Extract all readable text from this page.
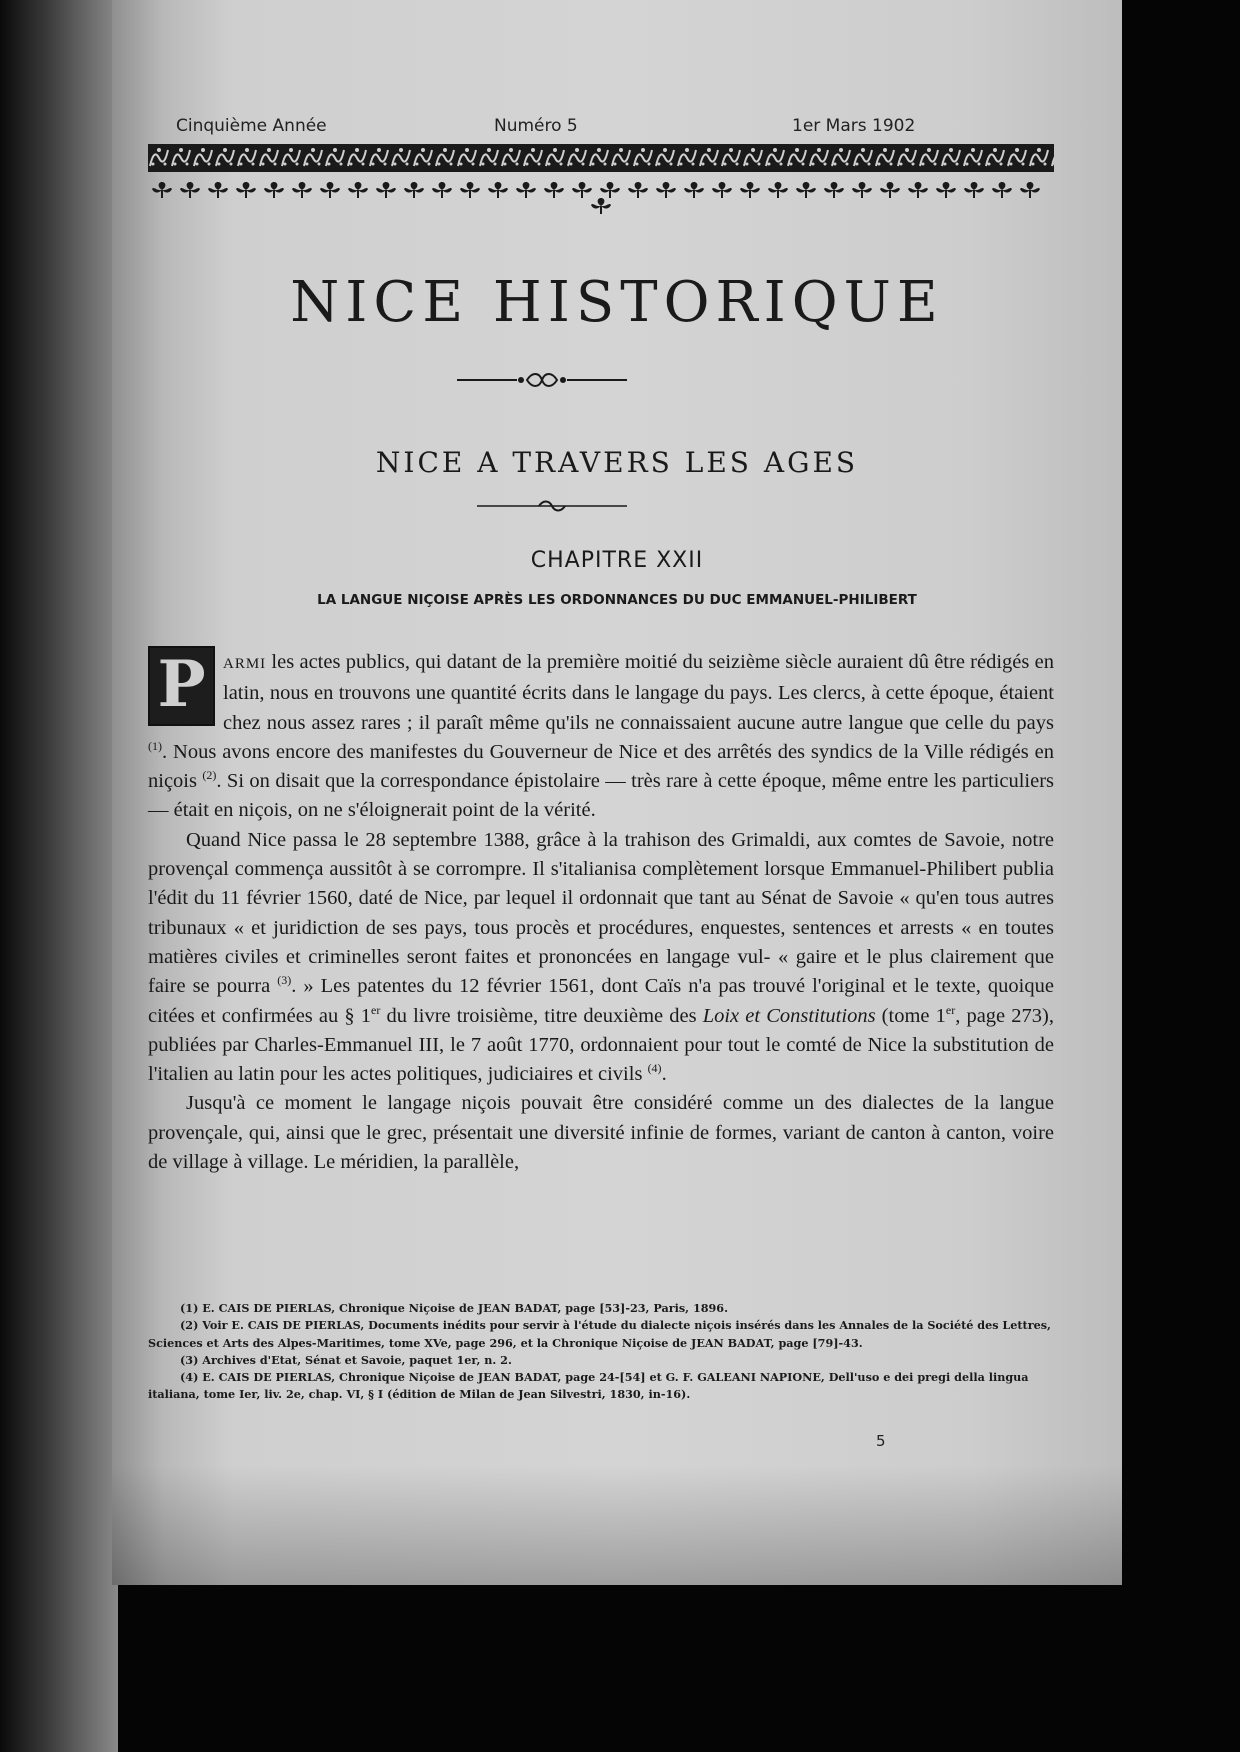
Cinquième Année	Numéro 5	1er Mars 1902
NICE HISTORIQUE
NICE A TRAVERS LES AGES
CHAPITRE XXII
LA LANGUE NIÇOISE APRÈS LES ORDONNANCES DU DUC EMMANUEL-PHILIBERT

P	ARMI les actes publics, qui datant de la première moitié du seizième siècle auraient dû être rédigés en latin, nous en trouvons une quantité écrits dans le langage du pays. Les clercs, à cette époque, étaient chez nous assez rares ; il paraît même qu'ils ne connaissaient aucune autre langue que celle du pays $^{(1)}$. Nous avons encore des manifestes du Gouverneur de Nice et des arrêtés des syndics de la Ville rédigés en niçois $^{(2)}$. Si on disait que la correspondance épistolaire — très rare à cette époque, même entre les particuliers — était en niçois, on ne s'éloignerait point de la vérité.

Quand Nice passa le 28 septembre 1388, grâce à la trahison des Grimaldi, aux comtes de Savoie, notre provençal commença aussitôt à se corrompre. Il s'italianisa complètement lorsque Emmanuel-Philibert publia l'édit du 11 février 1560, daté de Nice, par lequel il ordonnait que tant au Sénat de Savoie « qu'en tous autres tribunaux « et juridiction de ses pays, tous procès et procédures, enquestes, sentences et arrests « en toutes matières civiles et criminelles seront faites et prononcées en langage vul- « gaire et le plus clairement que faire se pourra $^{(3)}$. » Les patentes du 12 février 1561, dont Caïs n'a pas trouvé l'original et le texte, quoique citées et confirmées au § 1er du livre troisième, titre deuxième des Loix et Constitutions (tome 1er, page 273), publiées par Charles-Emmanuel III, le 7 août 1770, ordonnaient pour tout le comté de Nice la substitution de l'italien au latin pour les actes politiques, judiciaires et civils $^{(4)}$.

Jusqu'à ce moment le langage niçois pouvait être considéré comme un des dialectes de la langue provençale, qui, ainsi que le grec, présentait une diversité infinie de formes, variant de canton à canton, voire de village à village. Le méridien, la parallèle,

(1) E. CAIS DE PIERLAS, Chronique Niçoise de JEAN BADAT, page [53]-23, Paris, 1896.

(2) Voir E. CAIS DE PIERLAS, Documents inédits pour servir à l'étude du dialecte niçois insérés dans les Annales de la Société des Lettres, Sciences et Arts des Alpes-Maritimes, tome XVe, page 296, et la Chronique Niçoise de JEAN BADAT, page [79]-43.

(3) Archives d'Etat, Sénat et Savoie, paquet 1er, n. 2.

(4) E. CAIS DE PIERLAS, Chronique Niçoise de JEAN BADAT, page 24-[54] et G. F. GALEANI NAPIONE, Dell'uso e dei pregi della lingua italiana, tome Ier, liv. 2e, chap. VI, § I (édition de Milan de Jean Silvestri, 1830, in-16).

5
